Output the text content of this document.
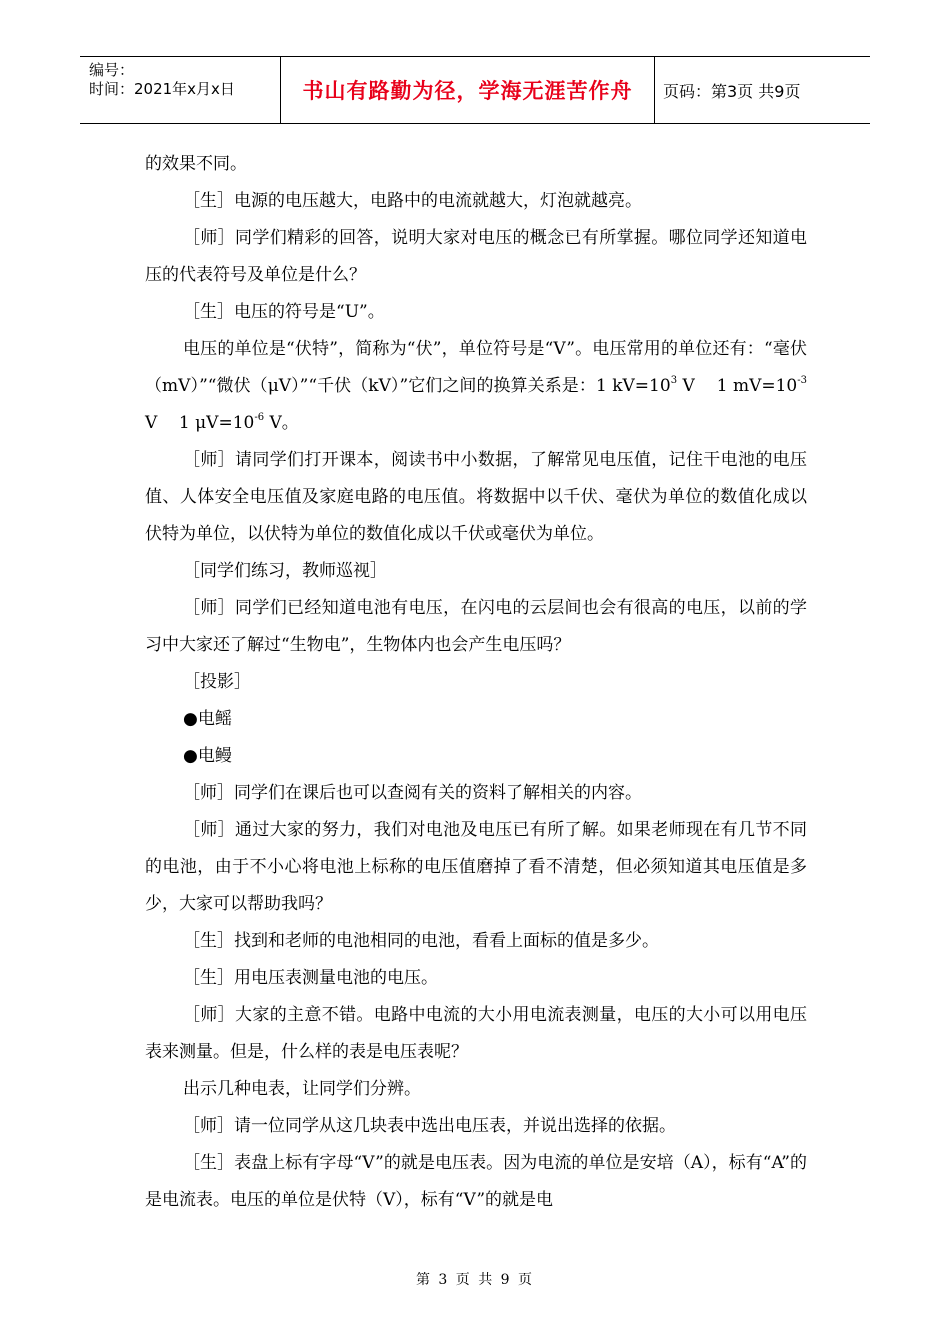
编号：
时间：2021年x月x日	书山有路勤为径，学海无涯苦作舟 页码：第3页 共9页

的效果不同。

［生］电源的电压越大，电路中的电流就越大，灯泡就越亮。

［师］同学们精彩的回答，说明大家对电压的概念已有所掌握。哪位同学还知道电压的代表符号及单位是什么？

［生］电压的符号是“U”。

电压的单位是“伏特”，简称为“伏”，单位符号是“V”。电压常用的单位还有：“毫伏（mV）”“微伏（μV）”“千伏（kV）”它们之间的换算关系是：1 $kV=10^3$ V 1 $mV=10^{-3}$ V 1 $\mu V=10^{-6}$ V。

［师］请同学们打开课本，阅读书中小数据，了解常见电压值，记住干电池的电压值、人体安全电压值及家庭电路的电压值。将数据中以千伏、毫伏为单位的数值化成以伏特为单位，以伏特为单位的数值化成以千伏或毫伏为单位。

［同学们练习，教师巡视］

［师］同学们已经知道电池有电压，在闪电的云层间也会有很高的电压，以前的学习中大家还了解过“生物电”，生物体内也会产生电压吗？

［投影］

●电鳐

●电鳗

［师］同学们在课后也可以查阅有关的资料了解相关的内容。

［师］通过大家的努力，我们对电池及电压已有所了解。如果老师现在有几节不同的电池，由于不小心将电池上标称的电压值磨掉了看不清楚，但必须知道其电压值是多少，大家可以帮助我吗？

［生］找到和老师的电池相同的电池，看看上面标的值是多少。

［生］用电压表测量电池的电压。

［师］大家的主意不错。电路中电流的大小用电流表测量，电压的大小可以用电压表来测量。但是，什么样的表是电压表呢？

出示几种电表，让同学们分辨。

［师］请一位同学从这几块表中选出电压表，并说出选择的依据。

［生］表盘上标有字母“V”的就是电压表。因为电流的单位是安培（A），标有“A”的是电流表。电压的单位是伏特（V），标有“V”的就是电

第 3 页 共 9 页
